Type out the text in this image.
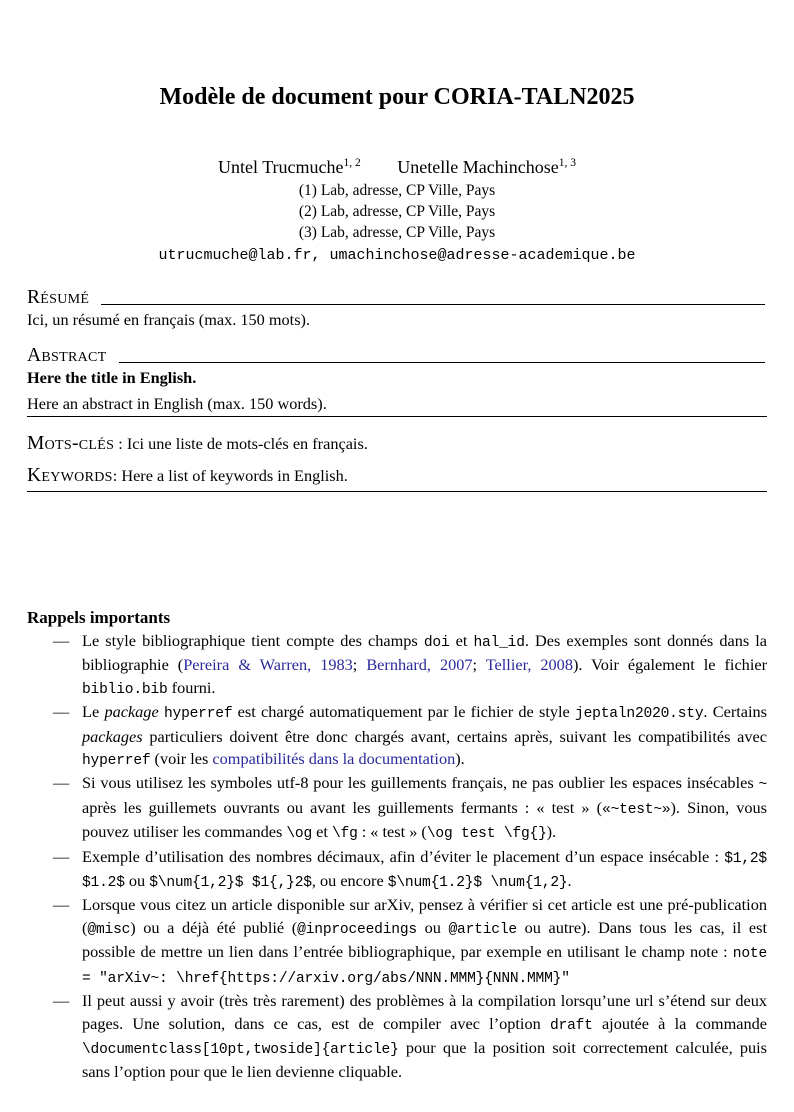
Modèle de document pour CORIA-TALN2025
Untel Trucmuche$^{1, 2}$ Unetelle Machinchose$^{1, 3}$
(1) Lab, adresse, CP Ville, Pays
(2) Lab, adresse, CP Ville, Pays
(3) Lab, adresse, CP Ville, Pays
utrucmuche@lab.fr, umachinchose@adresse-academique.be
Résumé

Ici, un résumé en français (max. 150 mots).

Abstract

Here the title in English.

Here an abstract in English (max. 150 words).

Mots-clés : Ici une liste de mots-clés en français.

Keywords: Here a list of keywords in English.

Rappels importants
— Le style bibliographique tient compte des champs doi et hal_id. Des exemples sont donnés dans la bibliographie (Pereira & Warren, 1983; Bernhard, 2007; Tellier, 2008). Voir également le fichier biblio.bib fourni.
— Le package hyperref est chargé automatiquement par le fichier de style jeptaln2020.sty. Certains packages particuliers doivent être donc chargés avant, certains après, suivant les compatibilités avec hyperref (voir les compatibilités dans la documentation).
— Si vous utilisez les symboles utf-8 pour les guillements français, ne pas oublier les espaces insécables ~ après les guillemets ouvrants ou avant les guillements fermants : « test » («~test~»). Sinon, vous pouvez utiliser les commandes \og et \fg : « test » (\og test \fg{}).
— Exemple d’utilisation des nombres décimaux, afin d’éviter le placement d’un espace insécable : $1,2$ $1.2$ ou $\num{1,2}$ $1{,}2$, ou encore $\num{1.2}$ \num{1,2}.
— Lorsque vous citez un article disponible sur arXiv, pensez à vérifier si cet article est une pré-publication (@misc) ou a déjà été publié (@inproceedings ou @article ou autre). Dans tous les cas, il est possible de mettre un lien dans l’entrée bibliographique, par exemple en utilisant le champ note : note = "arXiv~: \href{https://arxiv.org/abs/NNN.MMM}{NNN.MMM}"
— Il peut aussi y avoir (très très rarement) des problèmes à la compilation lorsqu’une url s’étend sur deux pages. Une solution, dans ce cas, est de compiler avec l’option draft ajoutée à la commande \documentclass[10pt,twoside]{article} pour que la position soit correctement calculée, puis sans l’option pour que le lien devienne cliquable.
